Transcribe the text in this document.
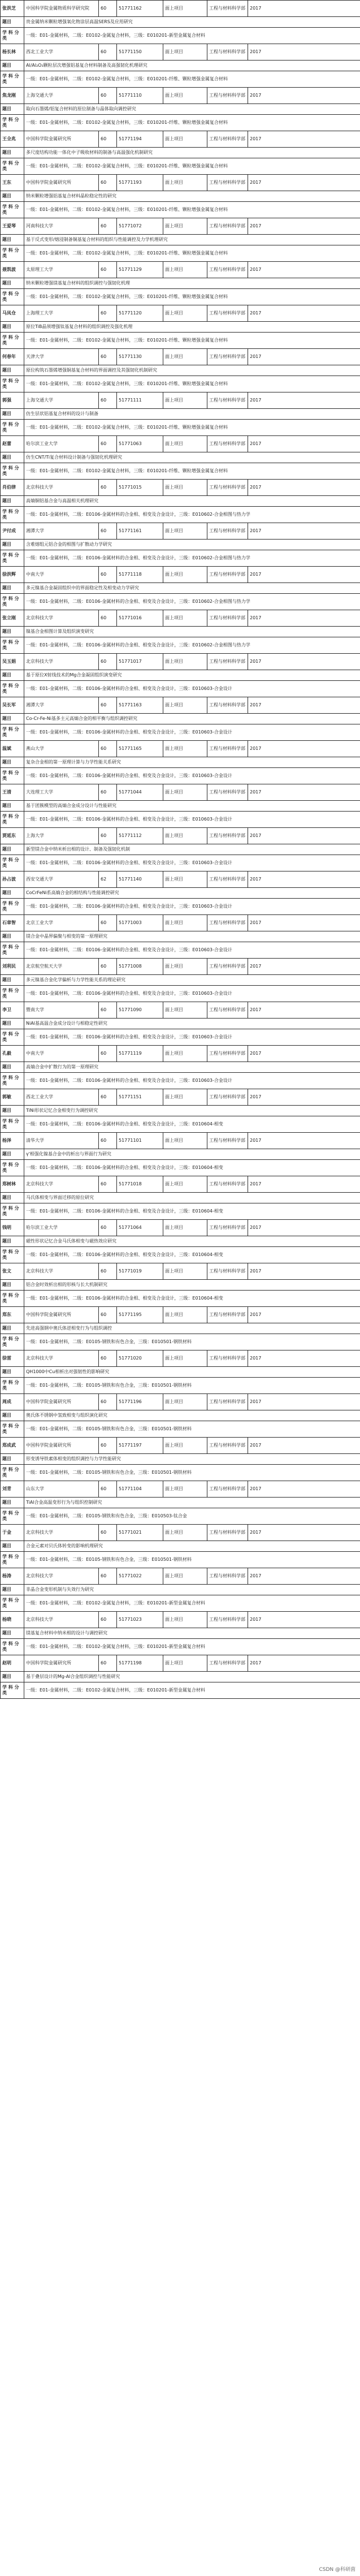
张洪芝	中国科学院金属物质科学研究院	60	51771162	面上项目	工程与材料科学部	2017
题目	贵金属纳米颗粒增强氧化物涂层高温SERS及应用研究					
学 科 分 类	一级：E01-金属材料，二级：E0102-金属复合材料，三级：E010201-新型金属复合材料					
杨长林	西北工业大学	60	51771150	面上项目	工程与材料科学部	2017
题目	Al/Al₂O₃颗粒层次增强铝基复合材料制备及高强韧化机理研究					
学 科 分 类	一级：E01-金属材料，二级：E0102-金属复合材料，三级：E010201-纤维、颗粒增强金属复合材料					
焦龙刚	上海交通大学	60	51771110	面上项目	工程与材料科学部	2017
题目	取向石墨烯/铝复合材料的原位制备与晶体取向调控研究					
学 科 分 类	一级：E01-金属材料，二级：E0102-金属复合材料，三级：E010201-纤维、颗粒增强金属复合材料					
王全兆	中国科学院金属研究所	60	51771194	面上项目	工程与材料科学部	2017
题目	多尺度结构功能一体化中子吸收材料的制备与高温强化机制研究					
学 科 分 类	一级：E01-金属材料，二级：E0102-金属复合材料，三级：E010201-纤维、颗粒增强金属复合材料					
王东	中国科学院金属研究所	60	51771193	面上项目	工程与材料科学部	2017
题目	纳米颗粒增强铝基复合材料晶粒稳定性的研究					
学 科 分 类	一级：E01-金属材料，二级：E0102-金属复合材料，三级：E010201-纤维、颗粒增强金属复合材料					
王爱琴	河南科技大学	60	51771072	面上项目	工程与材料科学部	2017
题目	基于反式变形/熔浸制备铜基复合材料的组织与性能调控及力学机理研究					
学 科 分 类	一级：E01-金属材料，二级：E0102-金属复合材料，三级：E010201-纤维、颗粒增强金属复合材料					
聂凯波	太原理工大学	60	51771129	面上项目	工程与材料科学部	2017
题目	纳米颗粒增强镁基复合材料的组织调控与强韧化机理					
学 科 分 类	一级：E01-金属材料，二级：E0102-金属复合材料，三级：E010201-纤维、颗粒增强金属复合材料					
马凤仓	上海理工大学	60	51771120	面上项目	工程与材料科学部	2017
题目	原位TiB晶须增强钛基复合材料的组织调控及强化机理					
学 科 分 类	一级：E01-金属材料，二级：E0102-金属复合材料，三级：E010201-纤维、颗粒增强金属复合材料					
何春年	天津大学	60	51771130	面上项目	工程与材料科学部	2017
题目	原位构筑石墨烯增强铜基复合材料的界面调控及其强韧化机制研究					
学 科 分 类	一级：E01-金属材料，二级：E0102-金属复合材料，三级：E010201-纤维、颗粒增强金属复合材料					
郭强	上海交通大学	60	51771111	面上项目	工程与材料科学部	2017
题目	仿生层状铝基复合材料的设计与制备					
学 科 分 类	一级：E01-金属材料，二级：E0102-金属复合材料，三级：E010201-纤维、颗粒增强金属复合材料					
赵蕾	哈尔滨工业大学	60	51771063	面上项目	工程与材料科学部	2017
题目	仿生CNT/Ti复合材料设计制备与强韧化机理研究					
学 科 分 类	一级：E01-金属材料，二级：E0102-金属复合材料，三级：E010201-纤维、颗粒增强金属复合材料					
肖伯律	北京科技大学	60	51771015	面上项目	工程与材料科学部	2017
题目	高熵铜铝基合金与高温相关机理研究					
学 科 分 类	一级：E01-金属材料，二级：E0106-金属材料的合金相、相变及合金设计，三级：E010602-合金相图与热力学					
尹付成	湘潭大学	60	51771161	面上项目	工程与材料科学部	2017
题目	含难熔组元铝合金的相图与扩散动力学研究					
学 科 分 类	一级：E01-金属材料，二级：E0106-金属材料的合金相、相变及合金设计，三级：E010602-合金相图与热力学					
徐洪辉	中南大学	60	51771118	面上项目	工程与材料科学部	2017
题目	多元镍基合金凝固组织中的界面稳定性及相变动力学研究					
学 科 分 类	一级：E01-金属材料，二级：E0106-金属材料的合金相、相变及合金设计，三级：E010602-合金相图与热力学					
张立刚	北京科技大学	60	51771016	面上项目	工程与材料科学部	2017
题目	镍基合金相图计算及组织演变研究					
学 科 分 类	一级：E01-金属材料，二级：E0106-金属材料的合金相、相变及合金设计，三级：E010602-合金相图与热力学					
吴玉娟	北京科技大学	60	51771017	面上项目	工程与材料科学部	2017
题目	基于原位X射线技术的Mg合金凝固组织演变研究					
学 科 分 类	一级：E01-金属材料，二级：E0106-金属材料的合金相、相变及合金设计，三级：E010603-合金设计					
吴长军	湘潭大学	60	51771163	面上项目	工程与材料科学部	2017
题目	Co-Cr-Fe-Ni基多主元高熵合金的相平衡与组织调控研究					
学 科 分 类	一级：E01-金属材料，二级：E0106-金属材料的合金相、相变及合金设计，三级：E010603-合金设计					
温斌	燕山大学	60	51771165	面上项目	工程与材料科学部	2017
题目	复杂合金相的第一原理计算与力学性能关系研究					
学 科 分 类	一级：E01-金属材料，二级：E0106-金属材料的合金相、相变及合金设计，三级：E010603-合金设计					
王清	大连理工大学	60	51771044	面上项目	工程与材料科学部	2017
题目	基于团簇模型的高熵合金成分设计与性能研究					
学 科 分 类	一级：E01-金属材料，二级：E0106-金属材料的合金相、相变及合金设计，三级：E010603-合金设计					
贾延东	上海大学	60	51771112	面上项目	工程与材料科学部	2017
题目	新型镁合金中纳米析出相的设计、制备及强韧化机制					
学 科 分 类	一级：E01-金属材料，二级：E0106-金属材料的合金相、相变及合金设计，三级：E010603-合金设计					
孙占波	西安交通大学	62	51771140	面上项目	工程与材料科学部	2017
题目	CoCrFeNi系高熵合金的相结构与性能调控研究					
学 科 分 类	一级：E01-金属材料，二级：E0106-金属材料的合金相、相变及合金设计，三级：E010603-合金设计					
石章智	北京工业大学	60	51771003	面上项目	工程与材料科学部	2017
题目	镁合金中晶界偏聚与相变的第一原理研究					
学 科 分 类	一级：E01-金属材料，二级：E0106-金属材料的合金相、相变及合金设计，三级：E010603-合金设计					
刘利民	北京航空航天大学	60	51771008	面上项目	工程与材料科学部	2017
题目	多元镍基合金化学偏析与力学性能关系的理论研究					
学 科 分 类	一级：E01-金属材料，二级：E0106-金属材料的合金相、相变及合金设计，三级：E010603-合金设计					
李卫	暨南大学	60	51771090	面上项目	工程与材料科学部	2017
题目	NiAl基高温合金成分设计与相稳定性研究					
学 科 分 类	一级：E01-金属材料，二级：E0106-金属材料的合金相、相变及合金设计，三级：E010603-合金设计					
孔毅	中南大学	60	51771119	面上项目	工程与材料科学部	2017
题目	高熵合金中扩散行为的第一原理研究					
学 科 分 类	一级：E01-金属材料，二级：E0106-金属材料的合金相、相变及合金设计，三级：E010603-合金设计					
郭敏	西北工业大学	60	51771151	面上项目	工程与材料科学部	2017
题目	TiNi形状记忆合金相变行为调控研究					
学 科 分 类	一级：E01-金属材料，二级：E0106-金属材料的合金相、相变及合金设计，三级：E010604-相变					
杨泽	清华大学	60	51771101	面上项目	工程与材料科学部	2017
题目	γ'相强化镍基合金中的析出与界面行为研究					
学 科 分 类	一级：E01-金属材料，二级：E0106-金属材料的合金相、相变及合金设计，三级：E010604-相变					
郑树林	北京科技大学	60	51771018	面上项目	工程与材料科学部	2017
题目	马氏体相变与界面迁移的原位研究					
学 科 分 类	一级：E01-金属材料，二级：E0106-金属材料的合金相、相变及合金设计，三级：E010604-相变					
钱明	哈尔滨工业大学	60	51771064	面上项目	工程与材料科学部	2017
题目	磁性形状记忆合金马氏体相变与磁热效应研究					
学 科 分 类	一级：E01-金属材料，二级：E0106-金属材料的合金相、相变及合金设计，三级：E010604-相变					
张文	北京科技大学	60	51771019	面上项目	工程与材料科学部	2017
题目	铝合金时效析出相的形核与长大机制研究					
学 科 分 类	一级：E01-金属材料，二级：E0106-金属材料的合金相、相变及合金设计，三级：E010604-相变					
郑东	中国科学院金属研究所	60	51771195	面上项目	工程与材料科学部	2017
题目	先进高强钢中奥氏体逆相变行为与组织调控					
学 科 分 类	一级：E01-金属材料，二级：E0105-钢铁和有色合金，三级：E010501-钢铁材料					
徐雷	北京科技大学	60	51771020	面上项目	工程与材料科学部	2017
题目	QH1000中Cu相析出对强韧性的影响研究					
学 科 分 类	一级：E01-金属材料，二级：E0105-钢铁和有色合金，三级：E010501-钢铁材料					
周成	中国科学院金属研究所	60	51771196	面上项目	工程与材料科学部	2017
题目	奥氏体不锈钢中氢致相变与组织演化研究					
学 科 分 类	一级：E01-金属材料，二级：E0105-钢铁和有色合金，三级：E010501-钢铁材料					
郑成武	中国科学院金属研究所	60	51771197	面上项目	工程与材料科学部	2017
题目	形变诱导铁素体相变的组织调控与力学性能研究					
学 科 分 类	一级：E01-金属材料，二级：E0105-钢铁和有色合金，三级：E010501-钢铁材料					
刘青	山东大学	60	51771104	面上项目	工程与材料科学部	2017
题目	TiAl合金高温变形行为与组织控制研究					
学 科 分 类	一级：E01-金属材料，二级：E0105-钢铁和有色合金，三级：E010503-钛合金					
于金	北京科技大学	60	51771021	面上项目	工程与材料科学部	2017
题目	合金元素对贝氏体转变的影响机理研究					
学 科 分 类	一级：E01-金属材料，二级：E0105-钢铁和有色合金，三级：E010501-钢铁材料					
杨涛	北京科技大学	60	51771022	面上项目	工程与材料科学部	2017
题目	非晶合金变形机制与失效行为研究					
学 科 分 类	一级：E01-金属材料，二级：E0102-金属复合材料，三级：E010201-新型金属复合材料					
杨晓	北京科技大学	60	51771023	面上项目	工程与材料科学部	2017
题目	镁基复合材料中纳米相的设计与调控研究					
学 科 分 类	一级：E01-金属材料，二级：E0102-金属复合材料，三级：E010201-新型金属复合材料					
赵明	中国科学院金属研究所	60	51771198	面上项目	工程与材料科学部	2017
题目	基于叠层设计的Mg-Al合金组织调控与性能研究					
学 科 分 类	一级：E01-金属材料，二级：E0102-金属复合材料，三级：E010201-新型金属复合材料					
CSDN @科研菌
